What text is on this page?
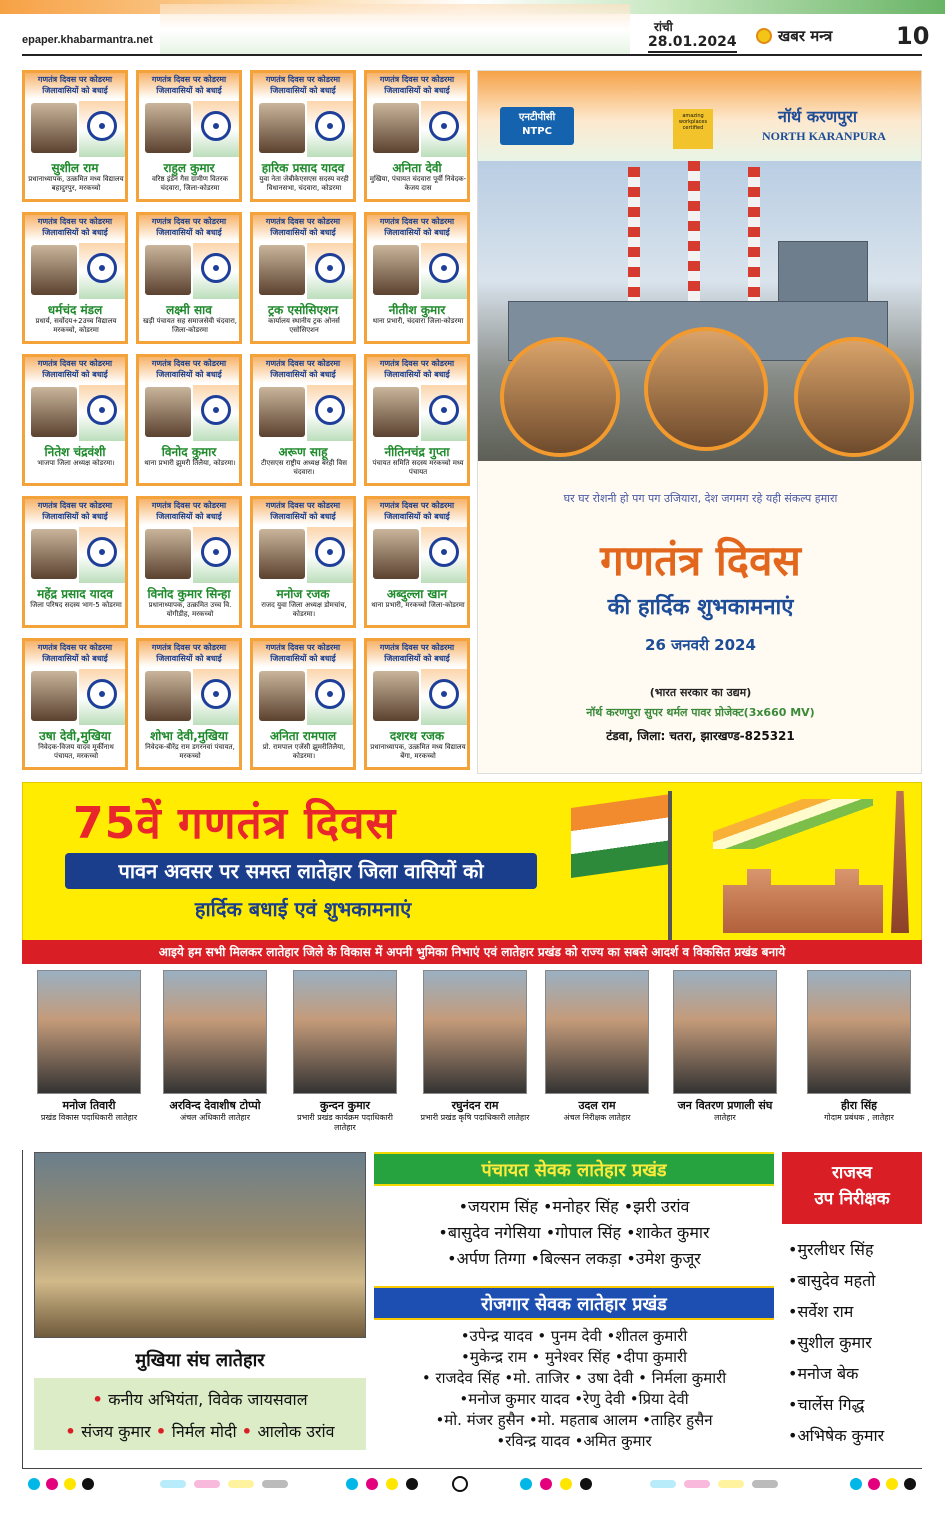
epaper.khabarmantra.net
रांची
28.01.2024	खबर मन्त्र	10
गणतंत्र दिवस पर कोडरमा जिलावासियों को बधाई
सुशील राम
प्रधानाध्यापक, उत्क्रमित मध्य विद्यालय बहादुरपुर, मरकच्चो
गणतंत्र दिवस पर कोडरमा जिलावासियों को बधाई
राहुल कुमार
वरिष्ठ इंडेन गैस ग्रामीण वितरक चंदवारा, जिला-कोडरमा
गणतंत्र दिवस पर कोडरमा जिलावासियों को बधाई
हारिक प्रसाद यादव
युवा नेता जेबीकेएसएस सदस्य वरही विधानसभा, चंदवारा, कोडरमा
गणतंत्र दिवस पर कोडरमा जिलावासियों को बधाई
अनिता देवी
मुखिया, पंचायत चंदवारा पूर्वी निवेदक- केजय दास
गणतंत्र दिवस पर कोडरमा जिलावासियों को बधाई
धर्मचंद मंडल
प्रधार्य, सर्वोदय+2उच्च विद्यालय मरकच्चो, कोडरमा
गणतंत्र दिवस पर कोडरमा जिलावासियों को बधाई
लक्ष्मी साव
खड़ी पंचायत सह समाजसेवी चंदवारा, जिला-कोडरमा
गणतंत्र दिवस पर कोडरमा जिलावासियों को बधाई
ट्रक एसोसिएशन
कार्यालय स्थानीय ट्रक ओनर्स एसोसिएशन
गणतंत्र दिवस पर कोडरमा जिलावासियों को बधाई
नीतीश कुमार
थाना प्रभारी, चंदवारा जिला-कोडरमा
गणतंत्र दिवस पर कोडरमा जिलावासियों को बधाई
नितेश चंद्रवंशी
भाजपा जिला अध्यक्ष कोडरमा।
गणतंत्र दिवस पर कोडरमा जिलावासियों को बधाई
विनोद कुमार
थाना प्रभारी झुमरी तिलैया, कोडरमा।
गणतंत्र दिवस पर कोडरमा जिलावासियों को बधाई
अरूण साहू
टीएसएस राष्ट्रीय अध्यक्ष बरही विस चंदवारा।
गणतंत्र दिवस पर कोडरमा जिलावासियों को बधाई
नीतिनचंद्र गुप्ता
पंचायत समिति सदस्य मरकच्चो मध्य पंचायत
गणतंत्र दिवस पर कोडरमा जिलावासियों को बधाई
महेंद्र प्रसाद यादव
जिला परिषद सदस्य भाग-5 कोडरमा
गणतंत्र दिवस पर कोडरमा जिलावासियों को बधाई
विनोद कुमार सिन्हा
प्रधानाध्यापक, उत्क्रमित उच्च वि. योगीडीह, मरकच्चो
गणतंत्र दिवस पर कोडरमा जिलावासियों को बधाई
मनोज रजक
राजद युवा जिला अध्यक्ष डोमचांच, कोडरमा।
गणतंत्र दिवस पर कोडरमा जिलावासियों को बधाई
अब्दुल्ला खान
थाना प्रभारी, मरकच्चो जिला-कोडरमा
गणतंत्र दिवस पर कोडरमा जिलावासियों को बधाई
उषा देवी,मुखिया
निवेदक-विजय यादव मूर्कीनाथ पंचायत, मरकच्चो
गणतंत्र दिवस पर कोडरमा जिलावासियों को बधाई
शोभा देवी,मुखिया
निवेदक-बीरेंद्र राम डगरनवां पंचायत, मरकच्चो
गणतंत्र दिवस पर कोडरमा जिलावासियों को बधाई
अनिता रामपाल
प्रो. रामपाल एजेंसी झुमरीतिलैया, कोडरमा।
गणतंत्र दिवस पर कोडरमा जिलावासियों को बधाई
दशरथ रजक
प्रधानाध्यापक, उत्क्रमित मध्य विद्यालय बेंगा, मरकच्चो
एनटीपीसी
NTPC
amazing workplaces certified
नॉर्थ करणपुरा
NORTH KARANPURA
घर घर रोशनी हो पग पग उजियारा, देश जगमग रहे यही संकल्प हमारा
गणतंत्र दिवस
की हार्दिक शुभकामनाएं
26 जनवरी 2024
(भारत सरकार का उद्यम)
नॉर्थ करणपुरा सुपर थर्मल पावर प्रोजेक्ट(3x660 MV)
टंडवा, जिला: चतरा, झारखण्ड-825321
75वें गणतंत्र दिवस
पावन अवसर पर समस्त लातेहार जिला वासियों को
हार्दिक बधाई एवं शुभकामनाएं
आइये हम सभी मिलकर लातेहार जिले के विकास में अपनी भुमिका निभाएं एवं लातेहार प्रखंड को राज्य का सबसे आदर्श व विकसित प्रखंड बनाये
मनोज तिवारी
प्रखंड विकास पदाधिकारी लातेहार
अरविन्द देवाशीष टोप्पो
अंचल अधिकारी लातेहार
कुन्दन कुमार
प्रभारी प्रखंड कार्यक्रम पदाधिकारी लातेहार
रघुनंदन राम
प्रभारी प्रखंड कृषि पदाधिकारी लातेहार
उदल राम
अंचल निरीक्षक लातेहार
जन वितरण प्रणाली संघ
लातेहार
हीरा सिंह
गोदाम प्रबंधक , लातेहार
मुखिया संघ लातेहार
• कनीय अभियंता, विवेक जायसवाल
• संजय कुमार • निर्मल मोदी • आलोक उरांव
पंचायत सेवक लातेहार प्रखंड
•जयराम सिंह •मनोहर सिंह •झरी उरांव
•बासुदेव नगेसिया •गोपाल सिंह •शाकेत कुमार
•अर्पण तिग्गा •बिल्सन लकड़ा •उमेश कुजूर
रोजगार सेवक लातेहार प्रखंड
•उपेन्द्र यादव • पुनम देवी •शीतल कुमारी
•मुकेन्द्र राम • मुनेश्वर सिंह •दीपा कुमारी
• राजदेव सिंह •मो. ताजिर • उषा देवी • निर्मला कुमारी
•मनोज कुमार यादव •रेणु देवी •प्रिया देवी
•मो. मंजर हुसैन •मो. महताब आलम •ताहिर हुसैन
•रविन्द्र यादव •अमित कुमार
राजस्व
उप निरीक्षक
•मुरलीधर सिंह
•बासुदेव महतो
•सर्वेश राम
•सुशील कुमार
•मनोज बेक
•चार्लेस गिद्ध
•अभिषेक कुमार
